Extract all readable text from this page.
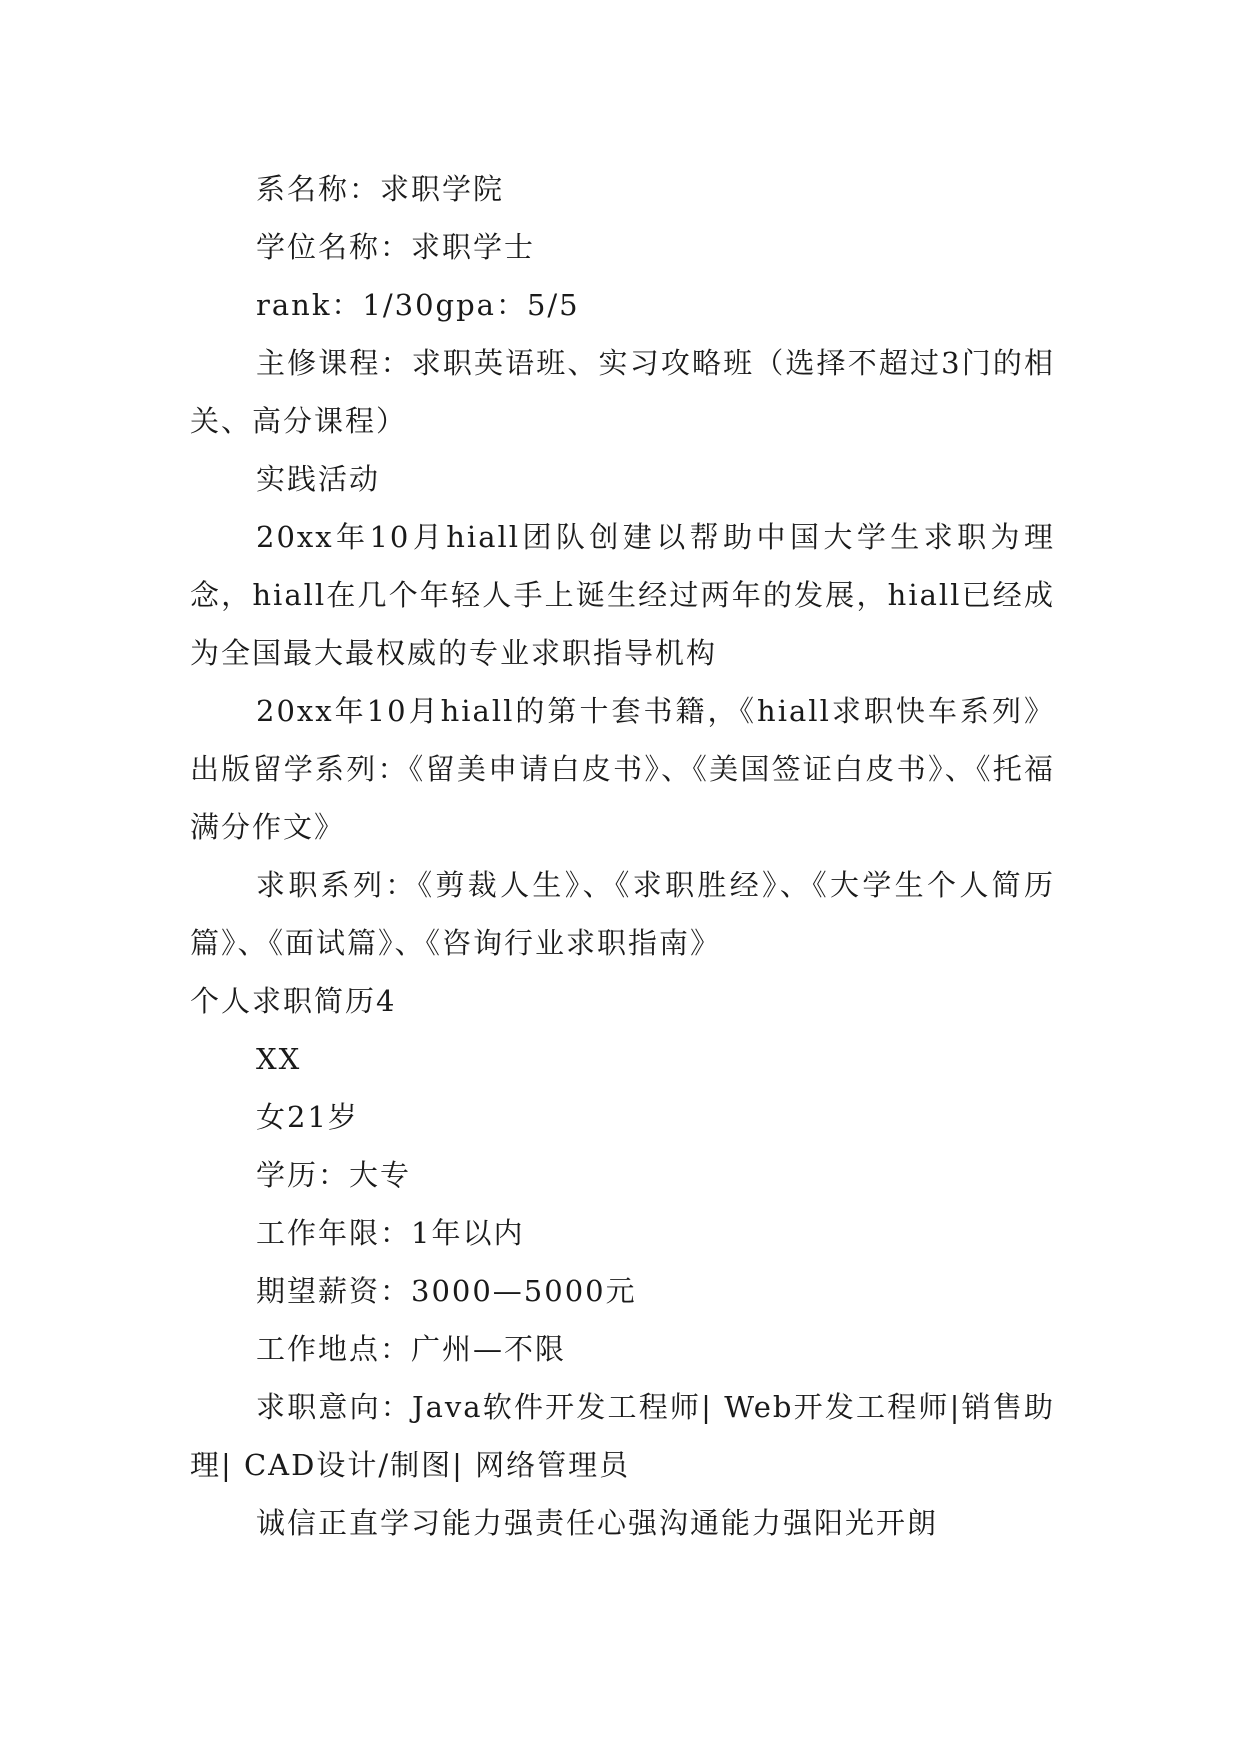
系名称：求职学院

学位名称：求职学士

rank：1/30gpa：5/5

主修课程：求职英语班、实习攻略班（选择不超过3门的相关、高分课程）

实践活动

20xx年10月hiall团队创建以帮助中国大学生求职为理念，hiall在几个年轻人手上诞生经过两年的发展，hiall已经成为全国最大最权威的专业求职指导机构

20xx年10月hiall的第十套书籍，《hiall求职快车系列》出版留学系列：《留美申请白皮书》、《美国签证白皮书》、《托福满分作文》

求职系列：《剪裁人生》、《求职胜经》、《大学生个人简历篇》、《面试篇》、《咨询行业求职指南》

个人求职简历4

XX

女21岁

学历：大专

工作年限：1年以内

期望薪资：3000—5000元

工作地点：广州—不限

求职意向：Java软件开发工程师| Web开发工程师|销售助理| CAD设计/制图| 网络管理员

诚信正直学习能力强责任心强沟通能力强阳光开朗
